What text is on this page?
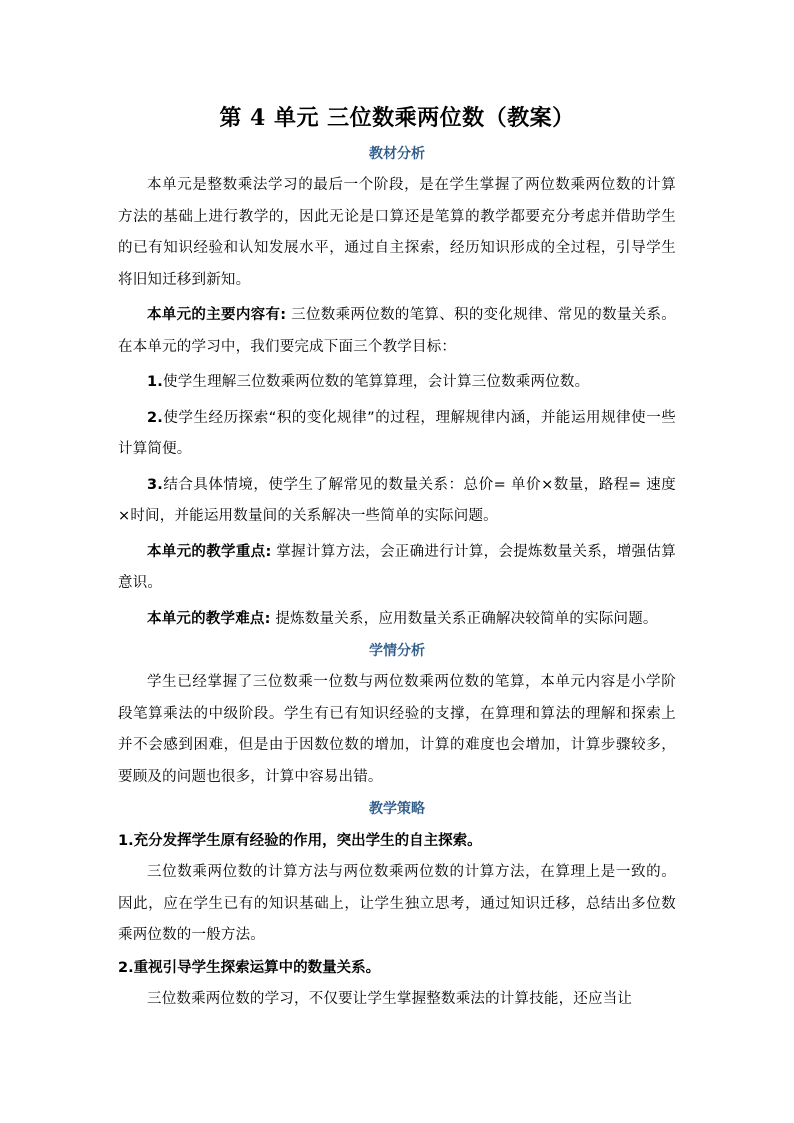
第 4 单元 三位数乘两位数（教案）
教材分析

本单元是整数乘法学习的最后一个阶段，是在学生掌握了两位数乘两位数的计算方法的基础上进行教学的，因此无论是口算还是笔算的教学都要充分考虑并借助学生的已有知识经验和认知发展水平，通过自主探索，经历知识形成的全过程，引导学生将旧知迁移到新知。

本单元的主要内容有: 三位数乘两位数的笔算、积的变化规律、常见的数量关系。在本单元的学习中，我们要完成下面三个教学目标：

1.使学生理解三位数乘两位数的笔算算理，会计算三位数乘两位数。

2.使学生经历探索“积的变化规律”的过程，理解规律内涵，并能运用规律使一些计算简便。

3.结合具体情境，使学生了解常见的数量关系：总价= 单价×数量，路程= 速度×时间，并能运用数量间的关系解决一些简单的实际问题。

本单元的教学重点: 掌握计算方法，会正确进行计算，会提炼数量关系，增强估算意识。

本单元的教学难点: 提炼数量关系，应用数量关系正确解决较简单的实际问题。

学情分析

学生已经掌握了三位数乘一位数与两位数乘两位数的笔算，本单元内容是小学阶段笔算乘法的中级阶段。学生有已有知识经验的支撑，在算理和算法的理解和探索上并不会感到困难，但是由于因数位数的增加，计算的难度也会增加，计算步骤较多，要顾及的问题也很多，计算中容易出错。

教学策略

1.充分发挥学生原有经验的作用，突出学生的自主探索。

三位数乘两位数的计算方法与两位数乘两位数的计算方法，在算理上是一致的。因此，应在学生已有的知识基础上，让学生独立思考，通过知识迁移，总结出多位数乘两位数的一般方法。

2.重视引导学生探索运算中的数量关系。

三位数乘两位数的学习，不仅要让学生掌握整数乘法的计算技能，还应当让
